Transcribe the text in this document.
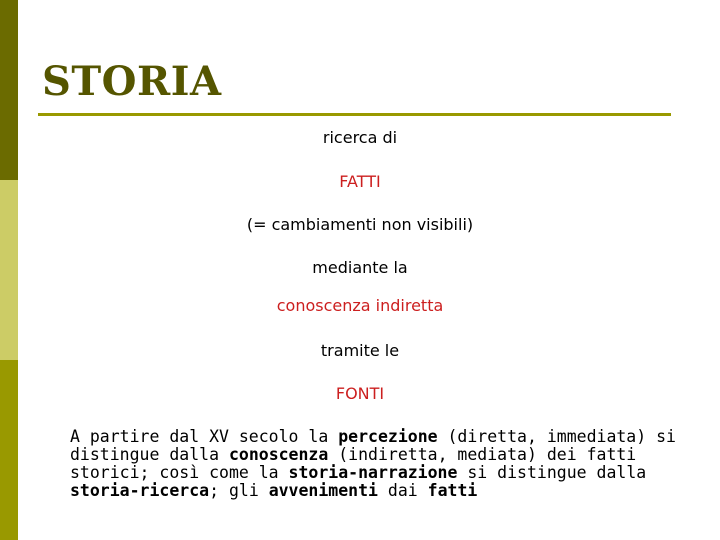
STORIA
ricerca di
FATTI
(= cambiamenti non visibili)
mediante la
conoscenza indiretta
tramite le
FONTI
A partire dal XV secolo la percezione (diretta, immediata) si distingue dalla conoscenza (indiretta, mediata) dei fatti storici; così come la storia-narrazione si distingue dalla storia-ricerca; gli avvenimenti dai fatti
